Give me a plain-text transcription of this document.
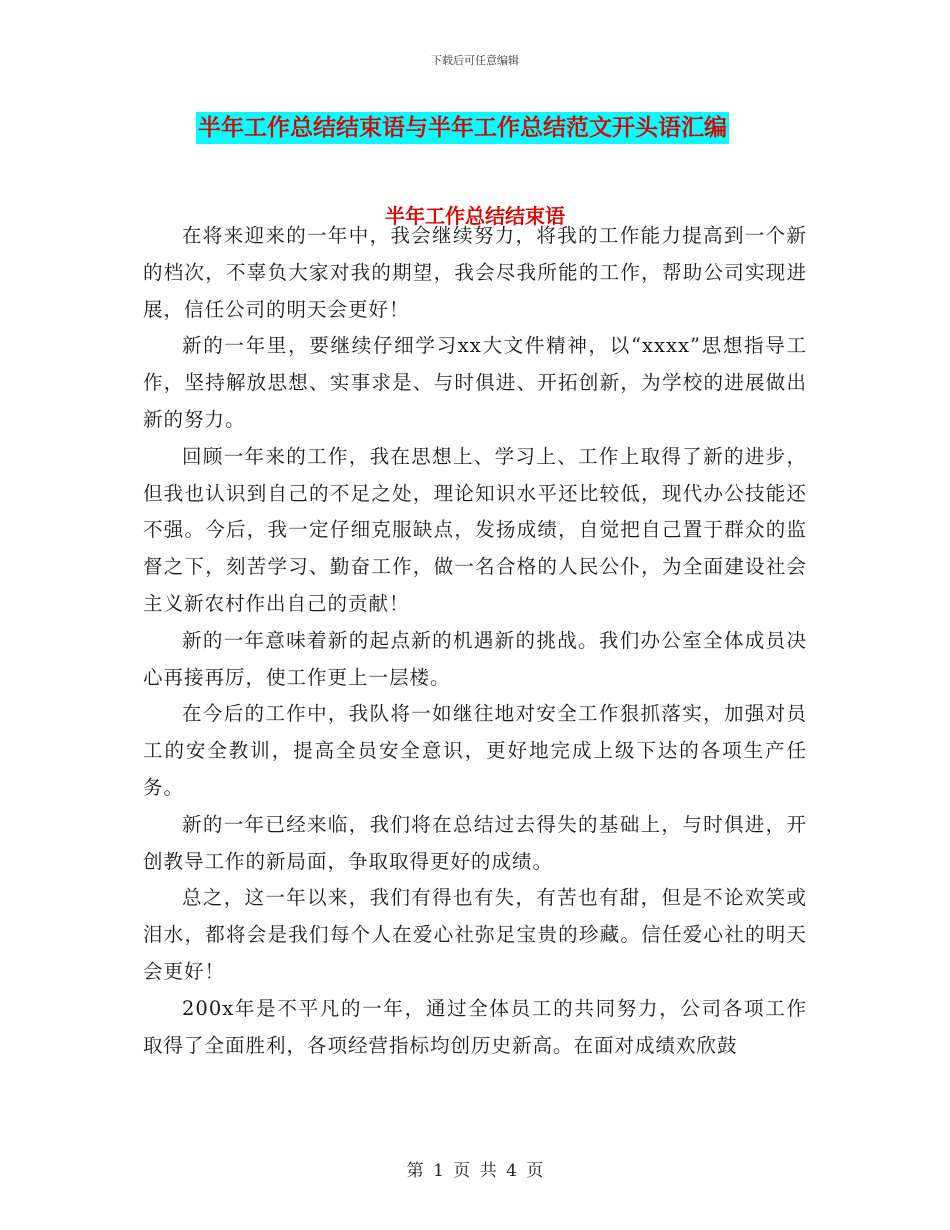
下载后可任意编辑
半年工作总结结束语与半年工作总结范文开头语汇编
半年工作总结结束语

在将来迎来的一年中，我会继续努力，将我的工作能力提高到一个新的档次，不辜负大家对我的期望，我会尽我所能的工作，帮助公司实现进展，信任公司的明天会更好！

新的一年里，要继续仔细学习xx大文件精神，以“xxxx”思想指导工作，坚持解放思想、实事求是、与时俱进、开拓创新，为学校的进展做出新的努力。

回顾一年来的工作，我在思想上、学习上、工作上取得了新的进步，但我也认识到自己的不足之处，理论知识水平还比较低，现代办公技能还不强。今后，我一定仔细克服缺点，发扬成绩，自觉把自己置于群众的监督之下，刻苦学习、勤奋工作，做一名合格的人民公仆，为全面建设社会主义新农村作出自己的贡献！

新的一年意味着新的起点新的机遇新的挑战。我们办公室全体成员决心再接再厉，使工作更上一层楼。

在今后的工作中，我队将一如继往地对安全工作狠抓落实，加强对员工的安全教训，提高全员安全意识，更好地完成上级下达的各项生产任务。

新的一年已经来临，我们将在总结过去得失的基础上，与时俱进，开创教导工作的新局面，争取取得更好的成绩。

总之，这一年以来，我们有得也有失，有苦也有甜，但是不论欢笑或泪水，都将会是我们每个人在爱心社弥足宝贵的珍藏。信任爱心社的明天会更好！

200x年是不平凡的一年，通过全体员工的共同努力，公司各项工作取得了全面胜利，各项经营指标均创历史新高。在面对成绩欢欣鼓

第 1 页 共 4 页
